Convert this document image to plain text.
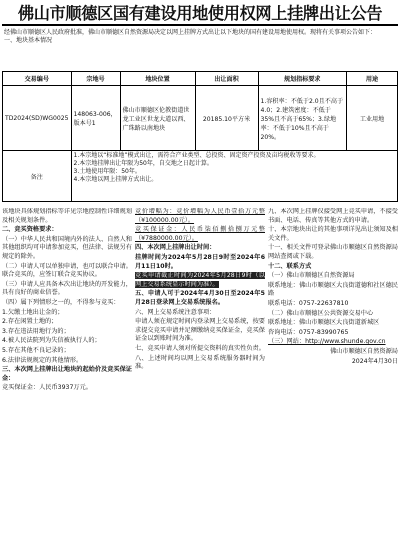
佛山市顺德区国有建设用地使用权网上挂牌出让公告
经佛山市顺德区人民政府批准，佛山市顺德区自然资源局决定以网上挂牌方式出让以下地块的国有建设用地使用权。现将有关事项公告如下：
一、地块基本情况
交易编号	宗地号	地块位置	出让面积	规划指标要求	用途
TD2024(SD)WG0025	148063-006，版本号1	佛山市顺德区伦教街道世龙工业区世龙大道以西、广珠路以南地块	20185.10平方米	1.容积率：不低于2.0且不高于4.0；2.建筑密度：不低于35%且不高于65%；3.绿地率：不低于10%且不高于20%。	工业用地
备注	1.本宗地以“标准地”模式出让，需符合产业类型、总投资、固定资产投资及亩均税收等要求。
2.本宗地挂牌出让年限为50年，自交地之日起计算。
3.土地使用年限：50年。
4.本宗地以网上挂牌方式出让。				

该地块具体规划指标等详见宗地控制性详细规划及相关规划条件。

二、竞买资格要求：

（一）中华人民共和国境内外的法人、自然人和其他组织均可申请参加竞买，但法律、法规另有规定的除外。

（二）申请人可以单独申请，也可以联合申请。联合竞买的，应签订联合竞买协议。

（三）申请人应具备本次出让地块的开发能力，具有良好的商业信誉。

（四）属下列情形之一的，不得参与竞买：

1.欠缴土地出让金的；

2.存在闲置土地的；

3.存在违法用地行为的；

4.被人民法院列为失信被执行人的；

5.存在其他不良记录的；

6.法律法规规定的其他情形。

三、本次网上挂牌出让地块的起始价及竞买保证金：

竞买保证金：人民币3937万元。

竞价增幅为：竞价增幅为人民币壹拾万元整（¥100000.00元）。

竞买保证金：人民币柒佰捌拾捌万元整（¥7880000.00元）。

四、本次网上挂牌出让时间：

挂牌时间为2024年5月28日9时至2024年6月11日10时。

竞买申请截止时间为2024年5月28日9时（以网上交易系统显示时间为准）。

五、申请人可于2024年4月30日至2024年5月28日登录网上交易系统报名。

六、网上交易系统注意事项：

申请人须在规定时间内登录网上交易系统，按要求提交竞买申请并足额缴纳竞买保证金，竞买保证金以到账时间为准。

七、竞买申请人须对所提交资料的真实性负责。

八、上述时间均以网上交易系统服务器时间为准。

九、本次网上挂牌仅接受网上竞买申请，不接受书面、电话、传真等其他方式的申请。

十、本宗地块出让的其他事项详见出让须知及相关文件。

十一、相关文件可登录佛山市顺德区自然资源局网站查阅或下载。

十二、联系方式

（一）佛山市顺德区自然资源局

联系地址：佛山市顺德区大良街道德和社区德民路

联系电话：0757-22637810

（二）佛山市顺德区公共资源交易中心

联系地址：佛山市顺德区大良街道新城区

咨询电话：0757-83990765

（三）网站：http://www.shunde.gov.cn

佛山市顺德区自然资源局

2024年4月30日
